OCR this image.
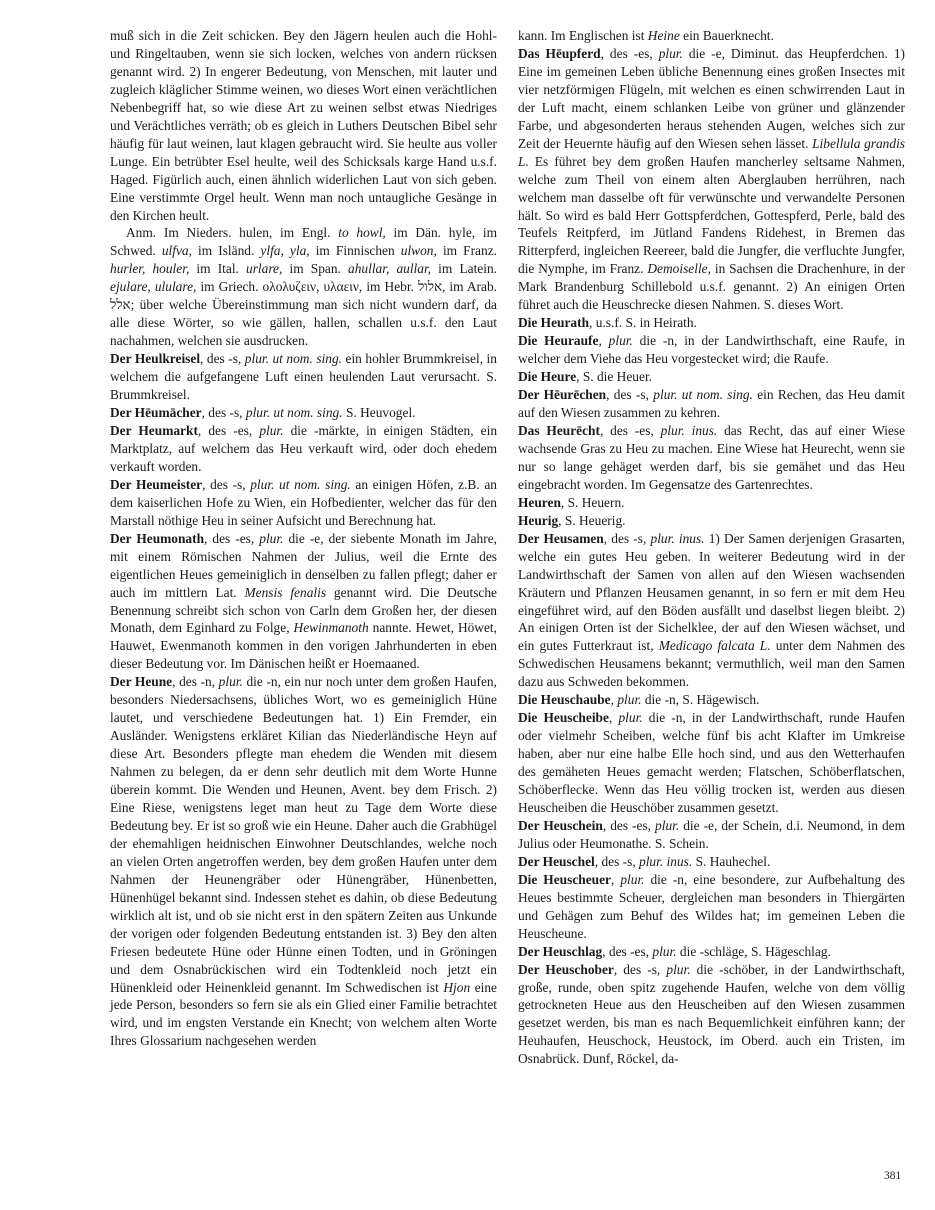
muß sich in die Zeit schicken. Bey den Jägern heulen auch die Hohl- und Ringeltauben, wenn sie sich locken, welches von andern rücksen genannt wird. 2) In engerer Bedeutung, von Menschen, mit lauter und zugleich kläglicher Stimme weinen, wo dieses Wort einen verächtlichen Nebenbegriff hat, so wie diese Art zu weinen selbst etwas Niedriges und Verächtliches verräth; ob es gleich in Luthers Deutschen Bibel sehr häufig für laut weinen, laut klagen gebraucht wird. Sie heulte aus voller Lunge. Ein betrübter Esel heulte, weil des Schicksals karge Hand u.s.f. Haged. Figürlich auch, einen ähnlich widerlichen Laut von sich geben. Eine verstimmte Orgel heult. Wenn man noch untaugliche Gesänge in den Kirchen heult.

Anm. Im Nieders. hulen, im Engl. to howl, im Dän. hyle, im Schwed. ulfva, im Isländ. ylfa, yla, im Finnischen ulwon, im Franz. hurler, houler, im Ital. urlare, im Span. ahullar, aullar, im Latein. ejulare, ululare, im Griech. ολολυζειν, υλαειν, im Hebr. אלול, im Arab. אלל; über welche Übereinstimmung man sich nicht wundern darf, da alle diese Wörter, so wie gällen, hallen, schallen u.s.f. den Laut nachahmen, welchen sie ausdrucken.

Der Heulkreisel, des -s, plur. ut nom. sing. ein hohler Brummkreisel, in welchem die aufgefangene Luft einen heulenden Laut verursacht. S. Brummkreisel.

Der Hēumācher, des -s, plur. ut nom. sing. S. Heuvogel.

Der Heumarkt, des -es, plur. die -märkte, in einigen Städten, ein Marktplatz, auf welchem das Heu verkauft wird, oder doch ehedem verkauft worden.

Der Heumeister, des -s, plur. ut nom. sing. an einigen Höfen, z.B. an dem kaiserlichen Hofe zu Wien, ein Hofbedienter, welcher das für den Marstall nöthige Heu in seiner Aufsicht und Berechnung hat.

Der Heumonath, des -es, plur. die -e, der siebente Monath im Jahre, mit einem Römischen Nahmen der Julius, weil die Ernte des eigentlichen Heues gemeiniglich in denselben zu fallen pflegt; daher er auch im mittlern Lat. Mensis fenalis genannt wird. Die Deutsche Benennung schreibt sich schon von Carln dem Großen her, der diesen Monath, dem Eginhard zu Folge, Hewinmanoth nannte. Hewet, Höwet, Hauwet, Ewenmanoth kommen in den vorigen Jahrhunderten in eben dieser Bedeutung vor. Im Dänischen heißt er Hoemaaned.

Der Heune, des -n, plur. die -n, ein nur noch unter dem großen Haufen, besonders Niedersachsens, übliches Wort, wo es gemeiniglich Hüne lautet, und verschiedene Bedeutungen hat. 1) Ein Fremder, ein Ausländer. Wenigstens erkläret Kilian das Niederländische Heyn auf diese Art. Besonders pflegte man ehedem die Wenden mit diesem Nahmen zu belegen, da er denn sehr deutlich mit dem Worte Hunne überein kommt. Die Wenden und Heunen, Avent. bey dem Frisch. 2) Eine Riese, wenigstens leget man heut zu Tage dem Worte diese Bedeutung bey. Er ist so groß wie ein Heune. Daher auch die Grabhügel der ehemahligen heidnischen Einwohner Deutschlandes, welche noch an vielen Orten angetroffen werden, bey dem großen Haufen unter dem Nahmen der Heunengräber oder Hünengräber, Hünenbetten, Hünenhügel bekannt sind. Indessen stehet es dahin, ob diese Bedeutung wirklich alt ist, und ob sie nicht erst in den spätern Zeiten aus Unkunde der vorigen oder folgenden Bedeutung entstanden ist. 3) Bey den alten Friesen bedeutete Hüne oder Hünne einen Todten, und in Gröningen und dem Osnabrückischen wird ein Todtenkleid noch jetzt ein Hünenkleid oder Heinenkleid genannt. Im Schwedischen ist Hjon eine jede Person, besonders so fern sie als ein Glied einer Familie betrachtet wird, und im engsten Verstande ein Knecht; von welchem alten Worte Ihres Glossarium nachgesehen werden

kann. Im Englischen ist Heine ein Bauerknecht.

Das Hēupferd, des -es, plur. die -e, Diminut. das Heupferdchen. 1) Eine im gemeinen Leben übliche Benennung eines großen Insectes mit vier netzförmigen Flügeln, mit welchen es einen schwirrenden Laut in der Luft macht, einem schlanken Leibe von grüner und glänzender Farbe, und abgesonderten heraus stehenden Augen, welches sich zur Zeit der Heuernte häufig auf den Wiesen sehen lässet. Libellula grandis L. Es führet bey dem großen Haufen mancherley seltsame Nahmen, welche zum Theil von einem alten Aberglauben herrühren, nach welchem man dasselbe oft für verwünschte und verwandelte Personen hält. So wird es bald Herr Gottspferdchen, Gottespferd, Perle, bald des Teufels Reitpferd, im Jütland Fandens Ridehest, in Bremen das Ritterpferd, ingleichen Reereer, bald die Jungfer, die verfluchte Jungfer, die Nymphe, im Franz. Demoiselle, in Sachsen die Drachenhure, in der Mark Brandenburg Schillebold u.s.f. genannt. 2) An einigen Orten führet auch die Heuschrecke diesen Nahmen. S. dieses Wort.

Die Heurath, u.s.f. S. in Heirath.

Die Heuraufe, plur. die -n, in der Landwirthschaft, eine Raufe, in welcher dem Viehe das Heu vorgestecket wird; die Raufe.

Die Heure, S. die Heuer.

Der Hēurēchen, des -s, plur. ut nom. sing. ein Rechen, das Heu damit auf den Wiesen zusammen zu kehren.

Das Heurēcht, des -es, plur. inus. das Recht, das auf einer Wiese wachsende Gras zu Heu zu machen. Eine Wiese hat Heurecht, wenn sie nur so lange gehäget werden darf, bis sie gemähet und das Heu eingebracht worden. Im Gegensatze des Gartenrechtes.

Heuren, S. Heuern.

Heurig, S. Heuerig.

Der Heusamen, des -s, plur. inus. 1) Der Samen derjenigen Grasarten, welche ein gutes Heu geben. In weiterer Bedeutung wird in der Landwirthschaft der Samen von allen auf den Wiesen wachsenden Kräutern und Pflanzen Heusamen genannt, in so fern er mit dem Heu eingeführet wird, auf den Böden ausfällt und daselbst liegen bleibt. 2) An einigen Orten ist der Sichelklee, der auf den Wiesen wächset, und ein gutes Futterkraut ist, Medicago falcata L. unter dem Nahmen des Schwedischen Heusamens bekannt; vermuthlich, weil man den Samen dazu aus Schweden bekommen.

Die Heuschaube, plur. die -n, S. Hägewisch.

Die Heuscheibe, plur. die -n, in der Landwirthschaft, runde Haufen oder vielmehr Scheiben, welche fünf bis acht Klafter im Umkreise haben, aber nur eine halbe Elle hoch sind, und aus den Wetterhaufen des gemäheten Heues gemacht werden; Flatschen, Schöberflatschen, Schöberflecke. Wenn das Heu völlig trocken ist, werden aus diesen Heuscheiben die Heuschöber zusammen gesetzt.

Der Heuschein, des -es, plur. die -e, der Schein, d.i. Neumond, in dem Julius oder Heumonathe. S. Schein.

Der Heuschel, des -s, plur. inus. S. Hauhechel.

Die Heuscheuer, plur. die -n, eine besondere, zur Aufbehaltung des Heues bestimmte Scheuer, dergleichen man besonders in Thiergärten und Gehägen zum Behuf des Wildes hat; im gemeinen Leben die Heuscheune.

Der Heuschlag, des -es, plur. die -schläge, S. Hägeschlag.

Der Heuschober, des -s, plur. die -schöber, in der Landwirthschaft, große, runde, oben spitz zugehende Haufen, welche von dem völlig getrockneten Heue aus den Heuscheiben auf den Wiesen zusammen gesetzet werden, bis man es nach Bequemlichkeit einführen kann; der Heuhaufen, Heuschock, Heustock, im Oberd. auch ein Tristen, im Osnabrück. Dunf, Röckel, da-

381
